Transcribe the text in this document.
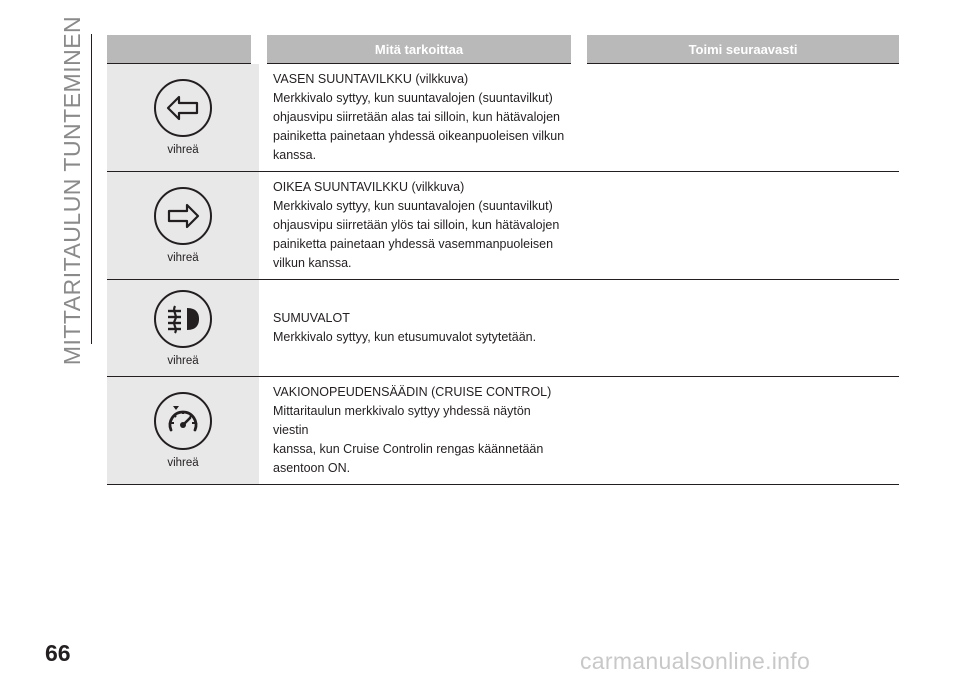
MITTARITAULUN TUNTEMINEN
		Mitä tarkoittaa	Toimi seuraavasti

vihreä	VASEN SUUNTAVILKKU (vilkkuva)
Merkkivalo syttyy, kun suuntavalojen (suuntavilkut)
ohjausvipu siirretään alas tai silloin, kun hätävalojen
painiketta painetaan yhdessä oikeanpuoleisen vilkun
kanssa.	

vihreä	OIKEA SUUNTAVILKKU (vilkkuva)
Merkkivalo syttyy, kun suuntavalojen (suuntavilkut)
ohjausvipu siirretään ylös tai silloin, kun hätävalojen
painiketta painetaan yhdessä vasemmanpuoleisen
vilkun kanssa.	

vihreä	SUMUVALOT
Merkkivalo syttyy, kun etusumuvalot sytytetään.	

vihreä	VAKIONOPEUDENSÄÄDIN (CRUISE CONTROL)
Mittaritaulun merkkivalo syttyy yhdessä näytön viestin
kanssa, kun Cruise Controlin rengas käännetään
asentoon ON.	

66	carmanualsonline.info
